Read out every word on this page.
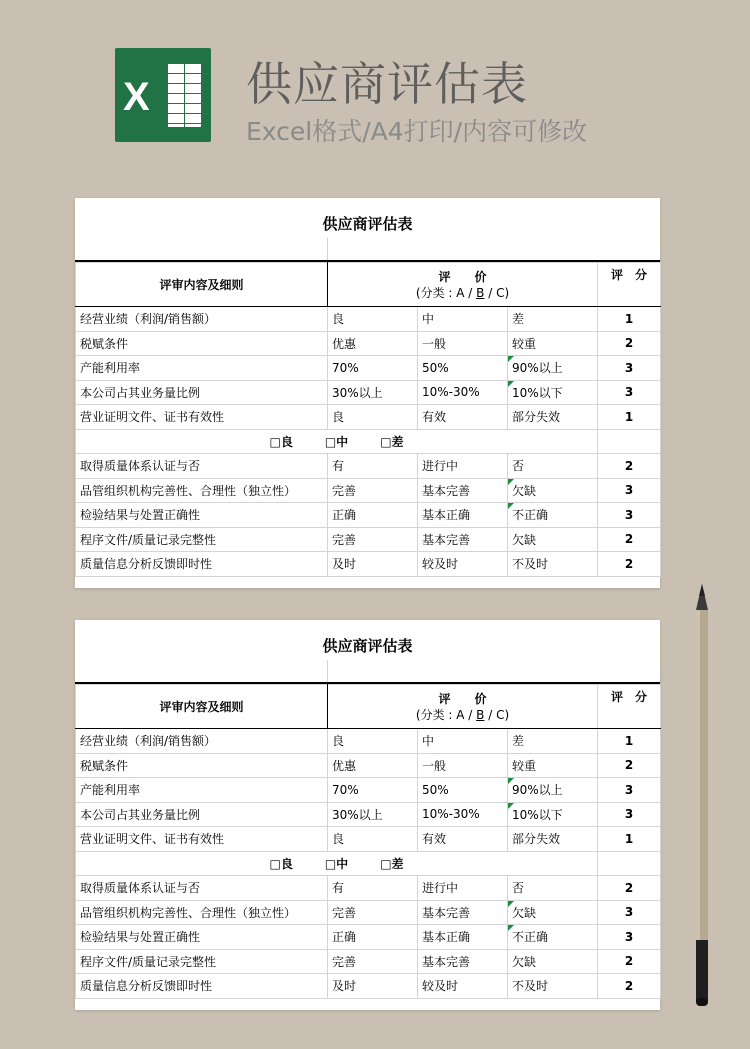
X 供应商评估表
Excel格式/A4打印/内容可修改
供应商评估表
评审内容及细则	评　　价
(分类 : A / B / C)			评　分
经营业绩（利润/销售额）	良	中	差	1
税赋条件	优惠	一般	较重	2
产能利用率	70%	50%	90%以上	3
本公司占其业务量比例	30%以上	10%-30%	10%以下	3
营业证明文件、证书有效性	良	有效	部分失效	1
□良 □中 □差				
取得质量体系认证与否	有	进行中	否	2
品管组织机构完善性、合理性（独立性）	完善	基本完善	欠缺	3
检验结果与处置正确性	正确	基本正确	不正确	3
程序文件/质量记录完整性	完善	基本完善	欠缺	2
质量信息分析反馈即时性	及时	较及时	不及时	2
供应商评估表
评审内容及细则	评　　价
(分类 : A / B / C)			评　分
经营业绩（利润/销售额）	良	中	差	1
税赋条件	优惠	一般	较重	2
产能利用率	70%	50%	90%以上	3
本公司占其业务量比例	30%以上	10%-30%	10%以下	3
营业证明文件、证书有效性	良	有效	部分失效	1
□良 □中 □差				
取得质量体系认证与否	有	进行中	否	2
品管组织机构完善性、合理性（独立性）	完善	基本完善	欠缺	3
检验结果与处置正确性	正确	基本正确	不正确	3
程序文件/质量记录完整性	完善	基本完善	欠缺	2
质量信息分析反馈即时性	及时	较及时	不及时	2
